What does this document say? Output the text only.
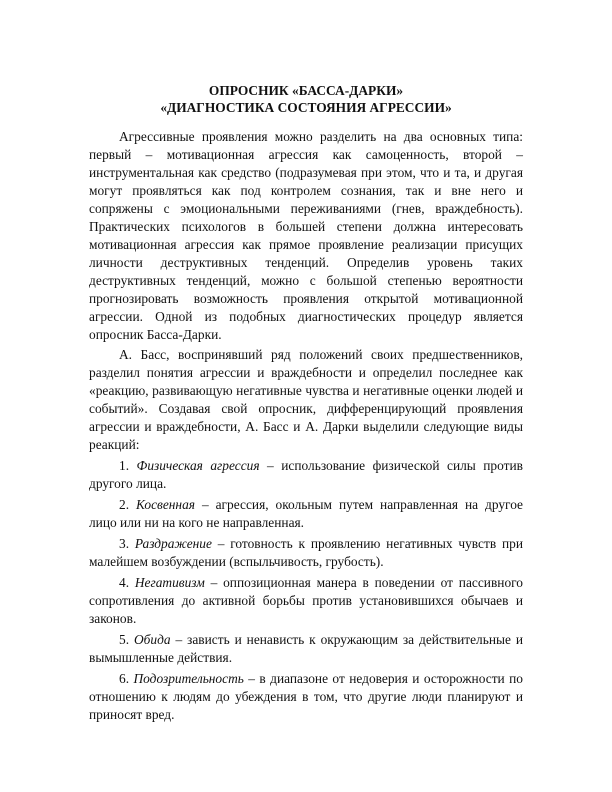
ОПРОСНИК «БАССА-ДАРКИ»
«ДИАГНОСТИКА СОСТОЯНИЯ АГРЕССИИ»

Агрессивные проявления можно разделить на два основных типа: первый – мотивационная агрессия как самоценность, второй – инструментальная как средство (подразумевая при этом, что и та, и другая могут проявляться как под контролем сознания, так и вне него и сопряжены с эмоциональными переживаниями (гнев, враждебность). Практических психологов в большей степени должна интересовать мотивационная агрессия как прямое проявление реализации присущих личности деструктивных тенденций. Определив уровень таких деструктивных тенденций, можно с большой степенью вероятности прогнозировать возможность проявления открытой мотивационной агрессии. Одной из подобных диагностических процедур является опросник Басса-Дарки.

А. Басс, воспринявший ряд положений своих предшественников, разделил понятия агрессии и враждебности и определил последнее как «реакцию, развивающую негативные чувства и негативные оценки людей и событий». Создавая свой опросник, дифференцирующий проявления агрессии и враждебности, А. Басс и А. Дарки выделили следующие виды реакций:

1. Физическая агрессия – использование физической силы против другого лица.

2. Косвенная – агрессия, окольным путем направленная на другое лицо или ни на кого не направленная.

3. Раздражение – готовность к проявлению негативных чувств при малейшем возбуждении (вспыльчивость, грубость).

4. Негативизм – оппозиционная манера в поведении от пассивного сопротивления до активной борьбы против установившихся обычаев и законов.

5. Обида – зависть и ненависть к окружающим за действительные и вымышленные действия.

6. Подозрительность – в диапазоне от недоверия и осторожности по отношению к людям до убеждения в том, что другие люди планируют и приносят вред.
